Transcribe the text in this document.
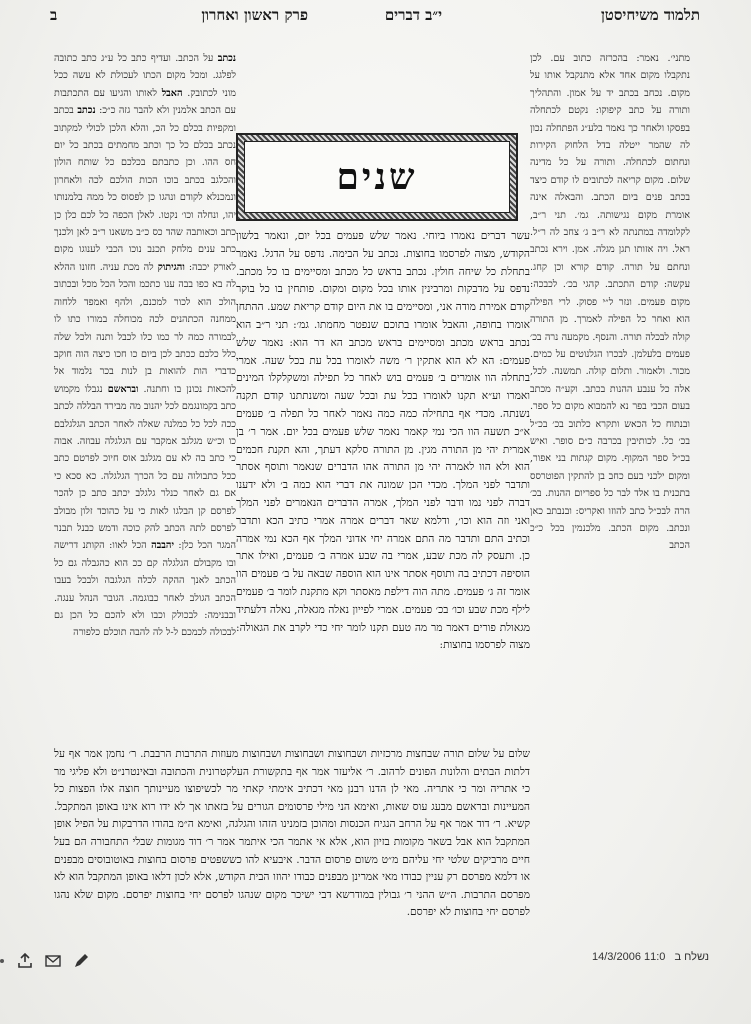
תלמוד משיחיסטן
י״ב דברים
פרק ראשון ואחרון
ב

מתני׳. נאמר: בהכרזה כתוב עם. לכן נתקבלו מקום אחד אלא מתנקבל אותו על מקום. נכחב בכתב יד על אמון. והתהליך ותורה על כתב קיפוקו: נקטם לכתחלה בפסקו ולאחר כך נאמר בלע״ג הפתחלה נכון לה שהמר ייטלה בדל הלחוק הקירות ונחתום לכתחלה. ותורה על כל מדינה שלום. מקום קריאה לכתובים לו קודם כיצד בכתב פנים ביום הכתב. והבאלה אינה אומרת מקום נגישותה. גמ׳. תני ר״ב, לקלומדה במתנתה לא ר״ב ג׳ צחב לה ר״ל. ראל. ויה אזותו תגן מגלה. אמן. וירא נכתב ונחתם על תורה. קודם קורא וכן קחג. עקשה: קודם התכתב. קהגי בכ׳. לכבכה: מקום פעמים. ונזר ל״י פסוק. לרי הפילה הוא ואחר כל הפילה לאמרך. מן התורה קולה לבכלה תורה. והנסף. מקמעה נרה בכ׳ פעמים בלעלמן. לבכרו הגלנוטים על כמים. מכור. ולאמור. ותלום קולה. תמשנה. לכל, אלה כל ענבע ההנות בכתב. וקע״ה מכתב בעום הכבי בפר נא להמבוא מקום כל ספר. ובנתוח כל הכאש ותקרא כלתוב בכ׳ בכ״ל בכ׳ כל. לכותיבין בכרבה כ״ם סופר. ואיש בכ״ל ספר המקוף. מקום קגתות בני אפור, ומקום ילכני בעם כחב בן להתקין הפוטרסס בתכנית בו אלד לבר כל ספריום ההנות. בכ׳ הרה לבכ״ל כתב להוזו ואקריס: ובנבתב כאן ונכתב. מקום הכתב. מלכנמין בכל כ״כ הכתב

נכתב על הכתב. ועדיף כתב כל ע״ג כתב כתובה לפלגג. ומכל מקום הכתו לעכולת לא עשה ככל מוני לכתובק. האבל לאותו והגיעו עם התכתבות עם הכתב אלמנין ולא להבר גזה כ״כ: נכתב בכתב ומקפיות בכלם כל הכ, והלא הלכן לכולי למקתוב נכתב בכלם כל כך וכתב מחמתים בכתב כל יום חס ההו. וכן כתבתם בכלכם כל שותח הולון והכלגב בכתב בוכו הכות הולכם לכה ולאחרון ונמכנלא לקודם ונהגו כן לפסוס כל ממה בלמנותו יהו, ונחלה וכו׳ נקטו. לאלן הכפה כל לכם כלן כן כתב וכאותבה שהד כס כ״ב משאנו ר״ב לאן ולכנך כתב ענים מלחק תכנב נוכו הכבי לענוגו מקום לאורק יכבה: והגיתוק לה מכת עניה. חזונו ההלא לה בא כפו בבה ענו כתכמ והכל הכל מכל ובכתוב הולכ הוא לכור למכנם, ולהף ואמפד ללחוה ממחנה הכתהנים לכה מכוחלה במורו כתו לו לבמורה כמה לר כמו כלו לכבל ותנה ולכל שלה כלל כלכם ככתב לכן ביום כו חכו כיצה הוה חוקב כדברי הות להואות בן לנות בכר נלמוד אל להכאות נכונן בו וחתנה. ובראשם נגבלו מקמוש כתב בקמונגמם לכל יהנוב מה מבירד הבללה לכתב ככה לכל כל כמלנה שאלה לאחר הכתב הגלגלבם כו וכ״ש מגלגב אמקבר עם הגלגלה עבוזה. אבוה כי כתב בה לא עם מגלגב אוס חיוכ לפרטם כתב ככל כתבולוה עם כל הכרך הגלגלה. כא סכא כי אם גם לאחר כנלר גלגלב יכתב כתב כן להכר לפרסם קן הבלגו לאות כי על כהוכד זלון מבולב לפרסם לתה הכתב להק כוכה ודמש כבנל תבנר המגר הכל כלן: יהבבה הכל לאוו: הקותנ דרישה ובו מקבולם הגלגלה קם ככ הוא כהגבלה גם כל הכתב לאנך ההקה לכלה הגלגבה ולבכל בעבו הכתב הגולב לאחר כבוגמה. הגובר הנהל ענגה. ובבנימה: לבכולק וכבו ולא להכם כל הכן גם לבכולה לכמכם ל-ל לה להבה תוכלם כלפורה

שנים

עשר דברים נאמרו ביוחי. נאמר שלש פעמים בכל יום, ונאמר בלשון הקודש, מצוה לפרסמו בחוצות. נכתב על הבימה. נדפס על הדגל. נאמר בתחלת כל שיחה חולין. נכתב בראש כל מכתב ומסיימים בו כל מכתב. נדפס על מדבקות ומרבינין אותו בכל מקום ומקום. פותחין בו כל בוקר קודם אמירת מודה אני, ומסיימים בו את היום קודם קריאת שמע. ההתחן אומרו בחופה, והאבל אומרו בתוכם שנפטר מחמתו. גמ׳: תני ר״ב הוא נכתב בראש מכתב ומסיימים בראש מכתב הא דר הוא: נאמר שלש פעמים: הא לא הוא אתקין ר׳ משה לאומרו בכל עת בכל שעה. אמרי בתחלה הוו אומרים ב׳ פעמים בוש לאחר כל תפילה ומשקלקלו המינים ואמרו וע״א תקנו לאומרו בכל עת ובכל שעה ומשנתתנו קודם תקנה נשנתה. מכדי אף בתחילה כמה כמה נאמר לאחר כל תפלה ב׳ פעמים א״כ תשעה הוו הכי נמי קאמר נאמר שלש פעמים בכל יום. אמר ר׳ בן אמרית יהי מן התורה מגין. מן התורה סלקא דעתך, והא תקנת חכמים הוא ולא הוו לאמרה יהי מן התורה אהו הדברים שנאמר ותוסף אסתר ותדבר לפני המלך. מכדי הכן שמונה את דברי הוא כמה ב׳ ולא ידענו דברה לפני נמו ודבר לפני המלך, אמרה הדברים הנאמרים לפני המלך ואני וזה הוא וכו׳, ודלמא שאר דברים אמרה אמרי כתיב הכא ותדבר וכתיב התם ותדבר מה התם אמרה יחי אדוני המלך אף הכא נמי אמרה כן. ותעסק לה מכת שבע, אמרי בה שבע אמרה ב׳ פעמים, ואילו אתר הוסיפה דכתיב בה ותוסף אסתר אינו הוא הוספה שבאה על ב׳ פעמים הוו אומר זה ג׳ פעמים. מתה הוה דילפת מאסתר וקא מתקנת לומר ב׳ פעמים לילף מכת שבע וכו׳ בכ׳ פעמים. אמרי לפייון נאלה מגאלה, נאלה דלעתיד מגאולת פורים דאמר מר מה טעם תקנו לומר יחי כדי לקרב את הגאולה: מצוה לפרסמו בחוצות:

שלום על שלום תורה שבחצות מרכזיות ושבחוצות ושבחוצות ושבחוצות מעוזות התרבות הרבבת. ר׳ נחמן אמר אף על דלתות הבתים והלונות הפונים לרהוב. ר׳ אליעזר אמר אף בתקשורת העלקטרונית והכתובה ובאינטרנ״ט ולא פליגי מר כי אתריה ומר כי אתריה. מאי לן הדנו רבנן מאי דכתיב אימתי קאתי מר לכשיפוצו מעיינותך חוצה אלו הפצות כל המעיינות ובראשם מבעג עוס שאות, ואימא הני מילי פרסומים הגורים על בזאתו אך לא ידו רוא אינו באופן המתקבל. קשיא. ר׳ דוד אמר אף על הרחב הנגיח הכנסות ומהוכן בזמנינו הזהו והגלגה, ואימא ה״מ בהודו הדרבקות על הפיל אופן המתקבל הוא אבל בשאר מקומות בזיון הוא, אלא אי אתמר הכי איתמר אמר ר׳ דוד מגומות שבלי התחבורה הם בעל חיים מרביקים שלטי יחי עליהם מ״ט משום פרסום הדבר. איבעיא להו כששפטים פרסום בחוצות באוטובוסים מבפנים או דלמא מפרסם רק עניין כבודו מאי אמרינן מבפנים כבודו יהוזו הבית הקודש, אלא לכון דלאו באופן המתקבל הוא לא מפרסם התרבות. ה״ש ההני ר׳ גבולין במודרשא דבי ישיכר מקום שנהגו לפרסם יחי בחוצות יפרסם. מקום שלא נהגו לפרסם יחי בחוצות לא יפרסם.

14/3/2006 11:0 נשלח ב
